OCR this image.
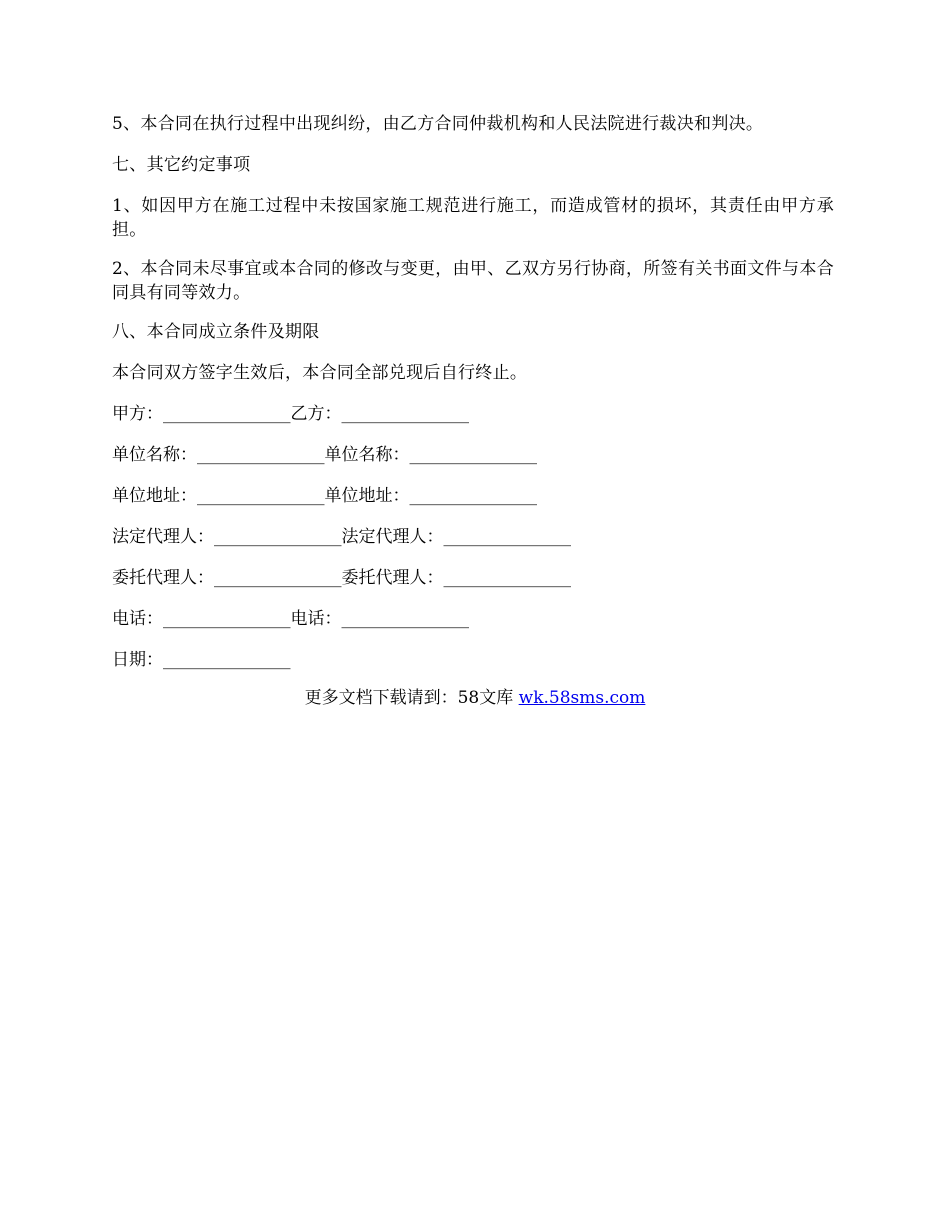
5、本合同在执行过程中出现纠纷，由乙方合同仲裁机构和人民法院进行裁决和判决。

七、其它约定事项

1、如因甲方在施工过程中未按国家施工规范进行施工，而造成管材的损坏，其责任由甲方承担。

2、本合同未尽事宜或本合同的修改与变更，由甲、乙双方另行协商，所签有关书面文件与本合同具有同等效力。

八、本合同成立条件及期限

本合同双方签字生效后，本合同全部兑现后自行终止。

甲方：_______________乙方：_______________
单位名称：_______________单位名称：_______________
单位地址：_______________单位地址：_______________
法定代理人：_______________法定代理人：_______________
委托代理人：_______________委托代理人：_______________
电话：_______________电话：_______________
日期：_______________
更多文档下载请到：58文库 wk.58sms.com
